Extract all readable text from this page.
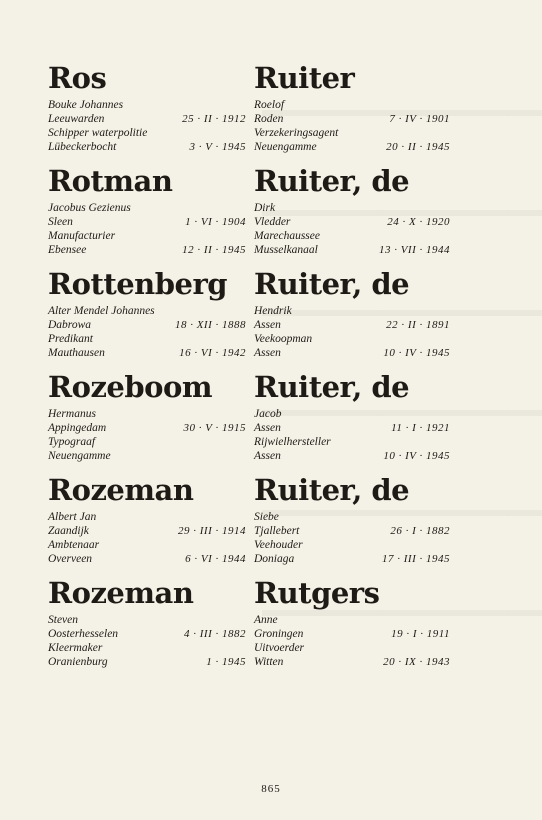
Ros
Bouke Johannes
Leeuwarden	25 · II · 1912
Schipper waterpolitie
Lübeckerbocht	3 · V · 1945
Rotman
Jacobus Gezienus
Sleen	1 · VI · 1904
Manufacturier
Ebensee	12 · II · 1945
Rottenberg
Alter Mendel Johannes
Dabrowa	18 · XII · 1888
Predikant
Mauthausen	16 · VI · 1942
Rozeboom
Hermanus
Appingedam	30 · V · 1915
Typograaf
Neuengamme
Rozeman
Albert Jan
Zaandijk	29 · III · 1914
Ambtenaar
Overveen	6 · VI · 1944
Rozeman
Steven
Oosterhesselen	4 · III · 1882
Kleermaker
Oranienburg	1 · 1945
Ruiter
Roelof
Roden	7 · IV · 1901
Verzekeringsagent
Neuengamme	20 · II · 1945
Ruiter, de
Dirk
Vledder	24 · X · 1920
Marechaussee
Musselkanaal	13 · VII · 1944
Ruiter, de
Hendrik
Assen	22 · II · 1891
Veekoopman
Assen	10 · IV · 1945
Ruiter, de
Jacob
Assen	11 · I · 1921
Rijwielhersteller
Assen	10 · IV · 1945
Ruiter, de
Siebe
Tjallebert	26 · I · 1882
Veehouder
Doniaga	17 · III · 1945
Rutgers
Anne
Groningen	19 · I · 1911
Uitvoerder
Witten	20 · IX · 1943
865
